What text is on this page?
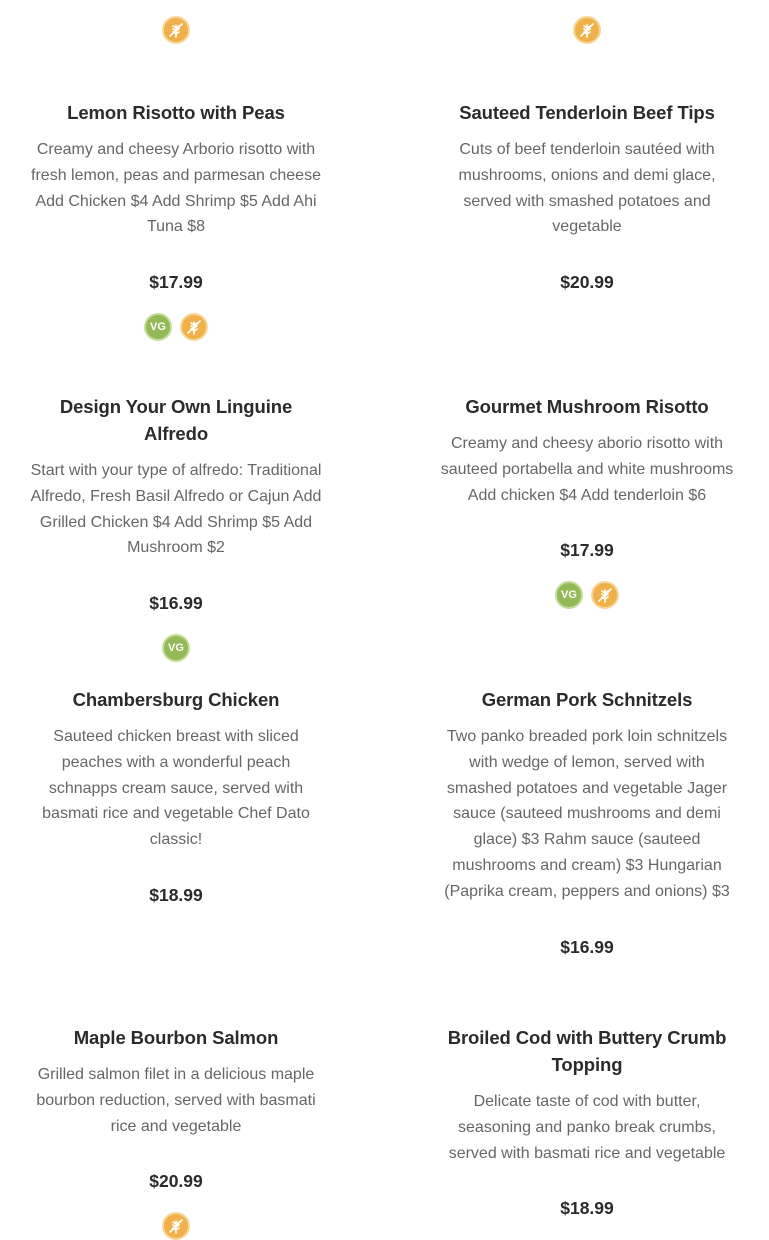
Lemon Risotto with Peas
Creamy and cheesy Arborio risotto with fresh lemon, peas and parmesan cheese Add Chicken $4 Add Shrimp $5 Add Ahi Tuna $8
$17.99
VG
Sauteed Tenderloin Beef Tips
Cuts of beef tenderloin sautéed with mushrooms, onions and demi glace, served with smashed potatoes and vegetable
$20.99
Design Your Own Linguine Alfredo
Start with your type of alfredo: Traditional Alfredo, Fresh Basil Alfredo or Cajun Add Grilled Chicken $4 Add Shrimp $5 Add Mushroom $2
$16.99
VG
Gourmet Mushroom Risotto
Creamy and cheesy aborio risotto with sauteed portabella and white mushrooms Add chicken $4 Add tenderloin $6
$17.99
VG
Chambersburg Chicken
Sauteed chicken breast with sliced peaches with a wonderful peach schnapps cream sauce, served with basmati rice and vegetable Chef Dato classic!
$18.99
German Pork Schnitzels
Two panko breaded pork loin schnitzels with wedge of lemon, served with smashed potatoes and vegetable Jager sauce (sauteed mushrooms and demi glace) $3 Rahm sauce (sauteed mushrooms and cream) $3 Hungarian (Paprika cream, peppers and onions) $3
$16.99
Maple Bourbon Salmon
Grilled salmon filet in a delicious maple bourbon reduction, served with basmati rice and vegetable
$20.99
Broiled Cod with Buttery Crumb Topping
Delicate taste of cod with butter, seasoning and panko break crumbs, served with basmati rice and vegetable
$18.99
